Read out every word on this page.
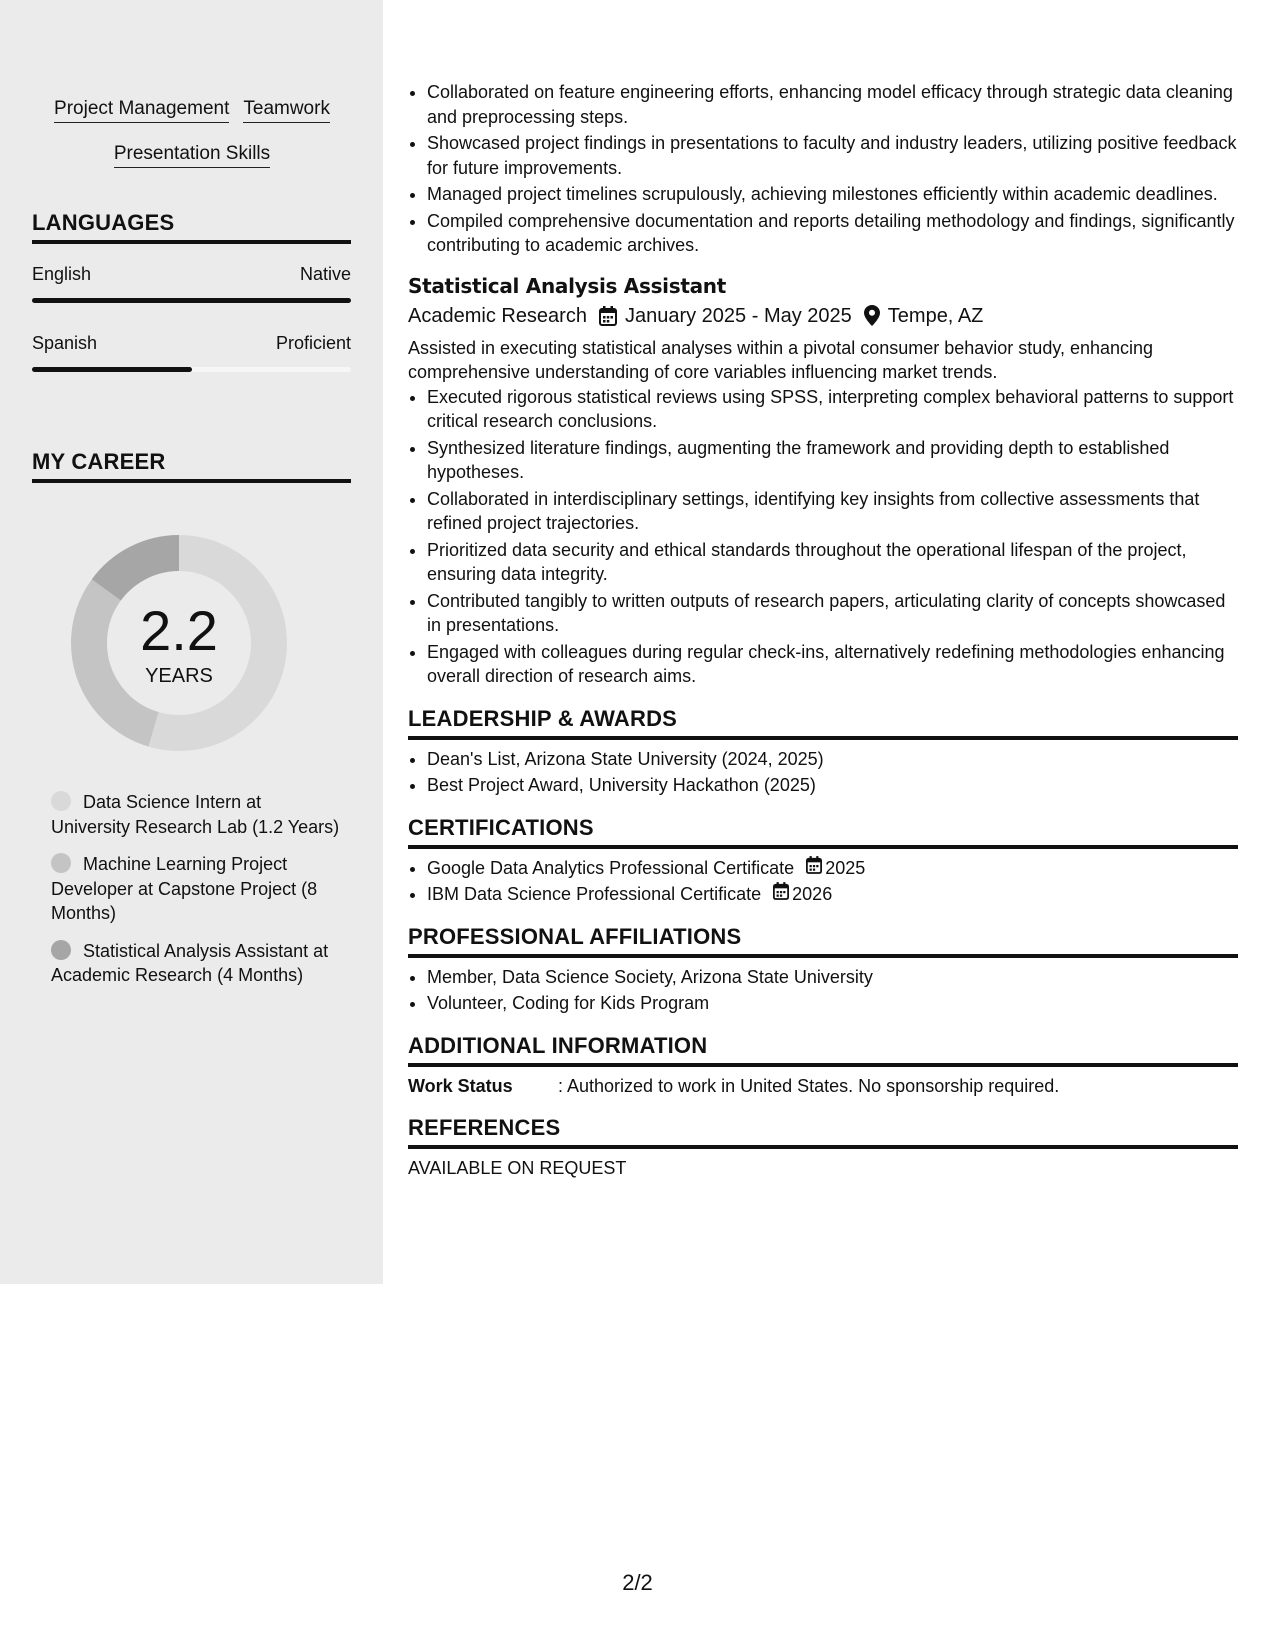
Project Management Teamwork
Presentation Skills
LANGUAGES
English	Native
Spanish	Proficient
MY CAREER
2.2
YEARS
Data Science Intern at University Research Lab (1.2 Years)
Machine Learning Project Developer at Capstone Project (8 Months)
Statistical Analysis Assistant at Academic Research (4 Months)
• Collaborated on feature engineering efforts, enhancing model efficacy through strategic data cleaning and preprocessing steps.
• Showcased project findings in presentations to faculty and industry leaders, utilizing positive feedback for future improvements.
• Managed project timelines scrupulously, achieving milestones efficiently within academic deadlines.
• Compiled comprehensive documentation and reports detailing methodology and findings, significantly contributing to academic archives.
Statistical Analysis Assistant
Academic Research January 2025 - May 2025 Tempe, AZ
Assisted in executing statistical analyses within a pivotal consumer behavior study, enhancing comprehensive understanding of core variables influencing market trends.
• Executed rigorous statistical reviews using SPSS, interpreting complex behavioral patterns to support critical research conclusions.
• Synthesized literature findings, augmenting the framework and providing depth to established hypotheses.
• Collaborated in interdisciplinary settings, identifying key insights from collective assessments that refined project trajectories.
• Prioritized data security and ethical standards throughout the operational lifespan of the project, ensuring data integrity.
• Contributed tangibly to written outputs of research papers, articulating clarity of concepts showcased in presentations.
• Engaged with colleagues during regular check-ins, alternatively redefining methodologies enhancing overall direction of research aims.
LEADERSHIP & AWARDS
• Dean's List, Arizona State University (2024, 2025)
• Best Project Award, University Hackathon (2025)
CERTIFICATIONS
• Google Data Analytics Professional Certificate 2025
• IBM Data Science Professional Certificate 2026
PROFESSIONAL AFFILIATIONS
• Member, Data Science Society, Arizona State University
• Volunteer, Coding for Kids Program
ADDITIONAL INFORMATION
Work Status	: Authorized to work in United States. No sponsorship required.
REFERENCES
AVAILABLE ON REQUEST
2/2
